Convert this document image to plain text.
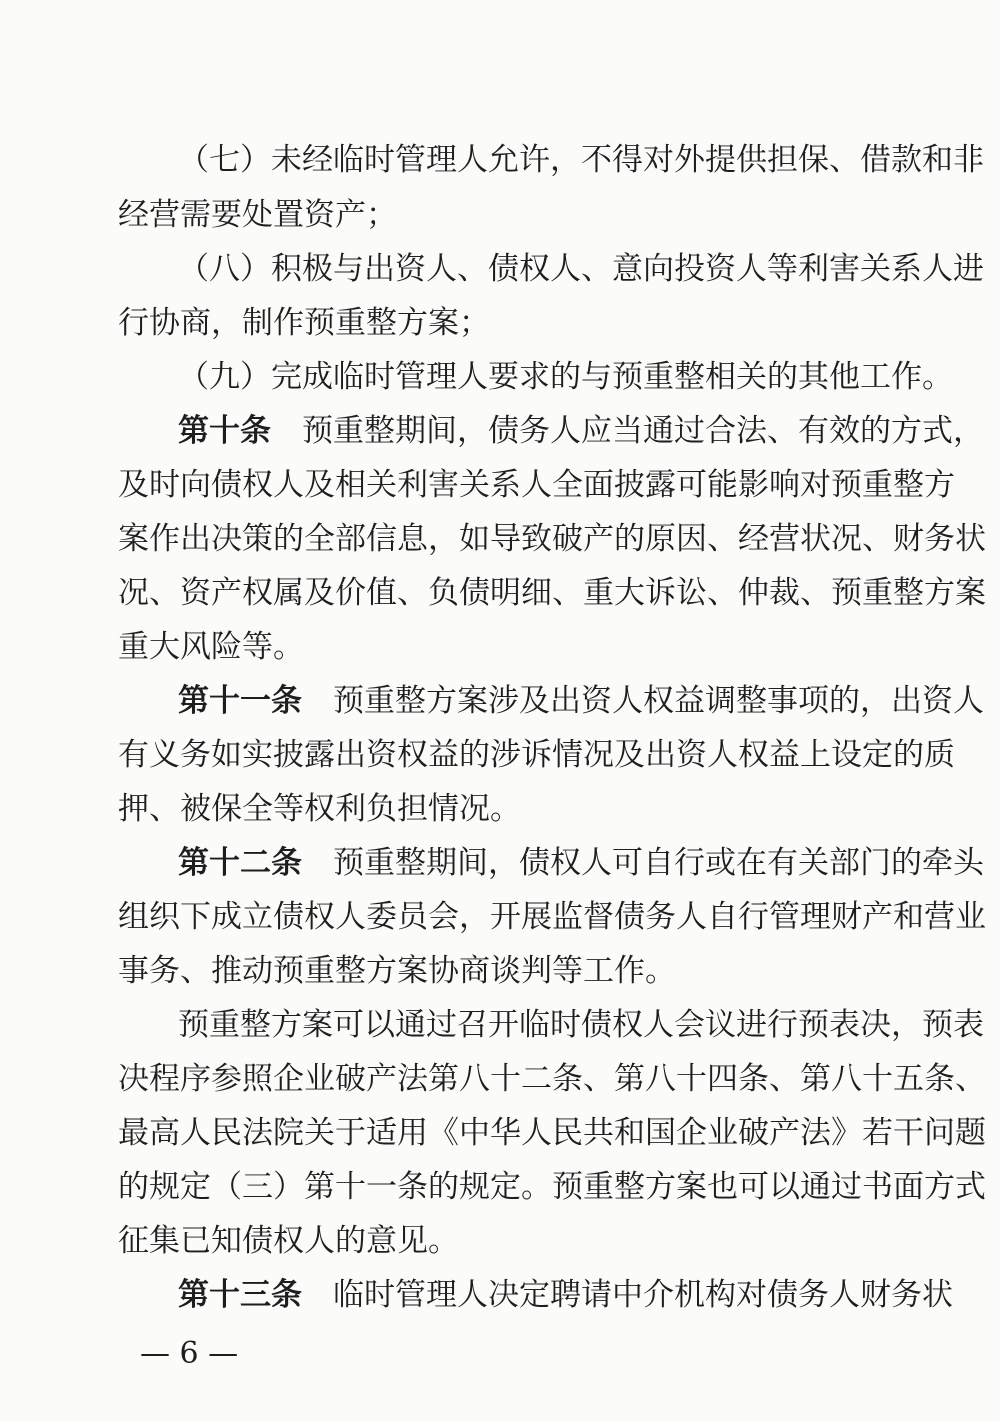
（七）未经临时管理人允许，不得对外提供担保、借款和非
经营需要处置资产；
（八）积极与出资人、债权人、意向投资人等利害关系人进
行协商，制作预重整方案；
（九）完成临时管理人要求的与预重整相关的其他工作。
第十条　预重整期间，债务人应当通过合法、有效的方式，
及时向债权人及相关利害关系人全面披露可能影响对预重整方
案作出决策的全部信息，如导致破产的原因、经营状况、财务状
况、资产权属及价值、负债明细、重大诉讼、仲裁、预重整方案
重大风险等。
第十一条　预重整方案涉及出资人权益调整事项的，出资人
有义务如实披露出资权益的涉诉情况及出资人权益上设定的质
押、被保全等权利负担情况。
第十二条　预重整期间，债权人可自行或在有关部门的牵头
组织下成立债权人委员会，开展监督债务人自行管理财产和营业
事务、推动预重整方案协商谈判等工作。
预重整方案可以通过召开临时债权人会议进行预表决，预表
决程序参照企业破产法第八十二条、第八十四条、第八十五条、
最高人民法院关于适用《中华人民共和国企业破产法》若干问题
的规定（三）第十一条的规定。预重整方案也可以通过书面方式
征集已知债权人的意见。
第十三条　临时管理人决定聘请中介机构对债务人财务状
— 6 —
